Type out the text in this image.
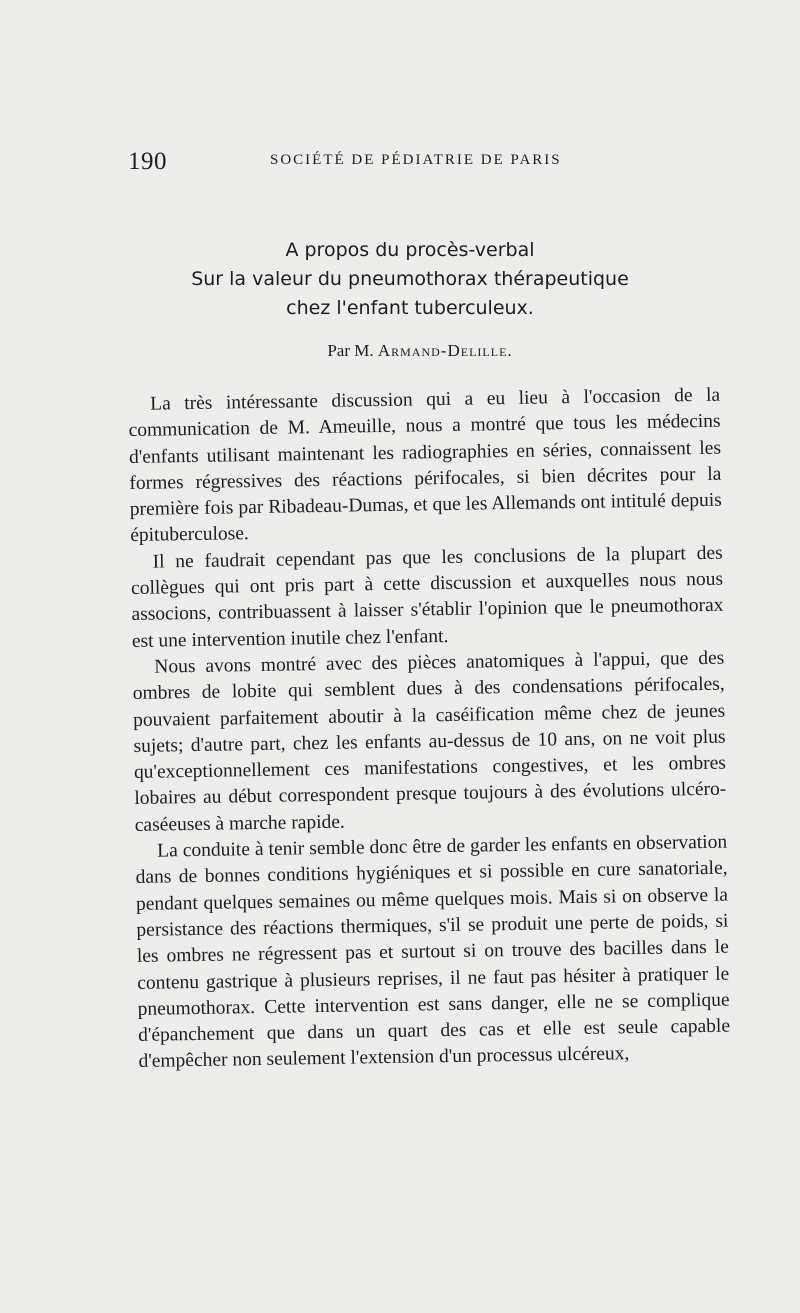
190	SOCIÉTÉ DE PÉDIATRIE DE PARIS
A propos du procès-verbal
Sur la valeur du pneumothorax thérapeutique
chez l'enfant tuberculeux.
Par M. Armand-Delille.

La très intéressante discussion qui a eu lieu à l'occasion de la communication de M. Ameuille, nous a montré que tous les médecins d'enfants utilisant maintenant les radiographies en séries, connaissent les formes régressives des réactions périfocales, si bien décrites pour la première fois par Ribadeau-Dumas, et que les Allemands ont intitulé depuis épituberculose.

Il ne faudrait cependant pas que les conclusions de la plupart des collègues qui ont pris part à cette discussion et auxquelles nous nous associons, contribuassent à laisser s'établir l'opinion que le pneumothorax est une intervention inutile chez l'enfant.

Nous avons montré avec des pièces anatomiques à l'appui, que des ombres de lobite qui semblent dues à des condensations périfocales, pouvaient parfaitement aboutir à la caséification même chez de jeunes sujets; d'autre part, chez les enfants au-dessus de 10 ans, on ne voit plus qu'exceptionnellement ces manifestations congestives, et les ombres lobaires au début correspondent presque toujours à des évolutions ulcéro-caséeuses à marche rapide.

La conduite à tenir semble donc être de garder les enfants en observation dans de bonnes conditions hygiéniques et si possible en cure sanatoriale, pendant quelques semaines ou même quelques mois. Mais si on observe la persistance des réactions thermiques, s'il se produit une perte de poids, si les ombres ne régressent pas et surtout si on trouve des bacilles dans le contenu gastrique à plusieurs reprises, il ne faut pas hésiter à pratiquer le pneumothorax. Cette intervention est sans danger, elle ne se complique d'épanchement que dans un quart des cas et elle est seule capable d'empêcher non seulement l'extension d'un processus ulcéreux,
